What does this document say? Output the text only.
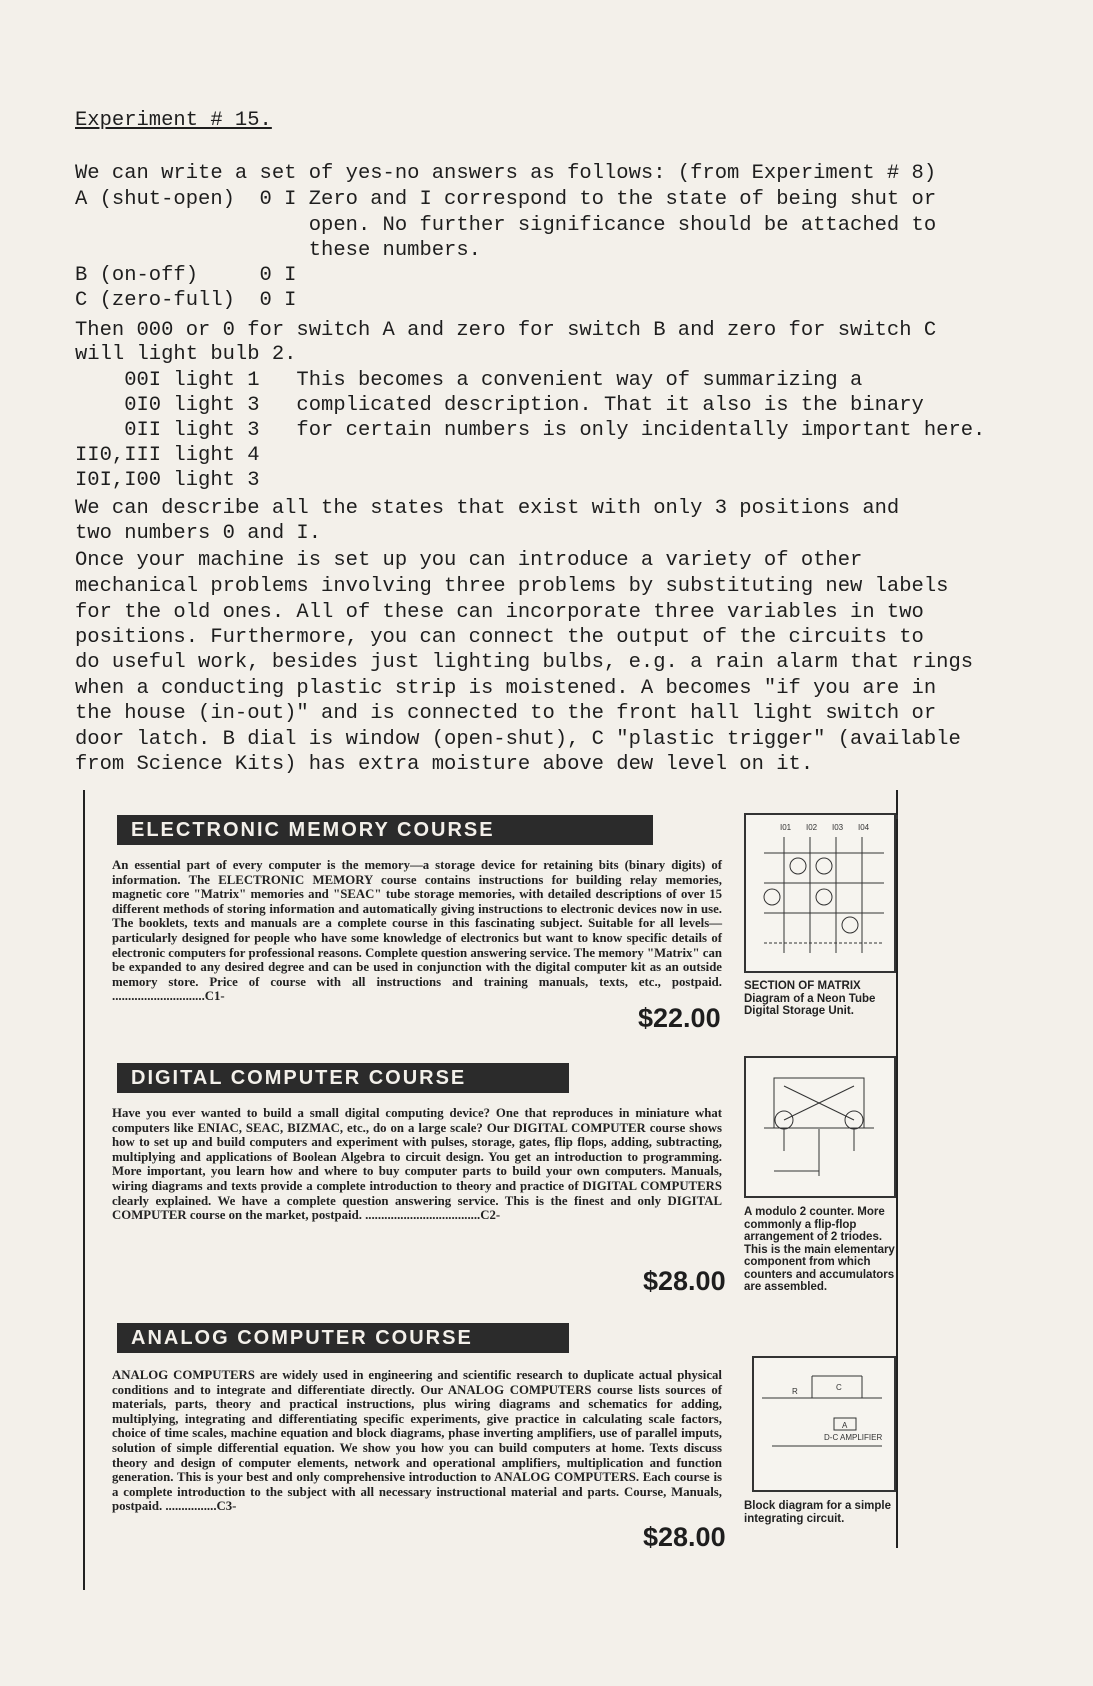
Experiment # 15.
We can write a set of yes-no answers as follows: (from Experiment # 8)
A (shut-open)  0 I Zero and I correspond to the state of being shut or
open. No further significance should be attached to
these numbers.
B (on-off)     0 I
C (zero-full)  0 I
Then 000 or 0 for switch A and zero for switch B and zero for switch C
will light bulb 2.
00I light 1   This becomes a convenient way of summarizing a
0I0 light 3   complicated description. That it also is the binary
0II light 3   for certain numbers is only incidentally important here.
II0,III light 4
I0I,I00 light 3
We can describe all the states that exist with only 3 positions and
two numbers 0 and I.
Once your machine is set up you can introduce a variety of other
mechanical problems involving three problems by substituting new labels
for the old ones. All of these can incorporate three variables in two
positions. Furthermore, you can connect the output of the circuits to
do useful work, besides just lighting bulbs, e.g. a rain alarm that rings
when a conducting plastic strip is moistened. A becomes "if you are in
the house (in-out)" and is connected to the front hall light switch or
door latch. B dial is window (open-shut), C "plastic trigger" (available
from Science Kits) has extra moisture above dew level on it.
ELECTRONIC MEMORY COURSE
An essential part of every computer is the memory—a storage device for retaining bits (binary digits) of information. The ELECTRONIC MEMORY course contains instructions for building relay memories, magnetic core "Matrix" memories and "SEAC" tube storage memories, with detailed descriptions of over 15 different methods of storing information and automatically giving instructions to electronic devices now in use. The booklets, texts and manuals are a complete course in this fascinating subject. Suitable for all levels—particularly designed for people who have some knowledge of electronics but want to know specific details of electronic computers for professional reasons. Complete question answering service. The memory "Matrix" can be expanded to any desired degree and can be used in conjunction with the digital computer kit as an outside memory store. Price of course with all instructions and training manuals, texts, etc., postpaid. .............................C1-
$22.00
I01 I02 I03 I04
SECTION OF MATRIX Diagram of a Neon Tube Digital Storage Unit.
DIGITAL COMPUTER COURSE
Have you ever wanted to build a small digital computing device? One that reproduces in miniature what computers like ENIAC, SEAC, BIZMAC, etc., do on a large scale? Our DIGITAL COMPUTER course shows how to set up and build computers and experiment with pulses, storage, gates, flip flops, adding, subtracting, multiplying and applications of Boolean Algebra to circuit design. You get an introduction to programming. More important, you learn how and where to buy computer parts to build your own computers. Manuals, wiring diagrams and texts provide a complete introduction to theory and practice of DIGITAL COMPUTERS clearly explained. We have a complete question answering service. This is the finest and only DIGITAL COMPUTER course on the market, postpaid. ....................................C2-
$28.00
A modulo 2 counter. More commonly a flip-flop arrangement of 2 triodes. This is the main elementary component from which counters and accumulators are assembled.
ANALOG COMPUTER COURSE
ANALOG COMPUTERS are widely used in engineering and scientific research to duplicate actual physical conditions and to integrate and differentiate directly. Our ANALOG COMPUTERS course lists sources of materials, parts, theory and practical instructions, plus wiring diagrams and schematics for adding, multiplying, integrating and differentiating specific experiments, give practice in calculating scale factors, choice of time scales, machine equation and block diagrams, phase inverting amplifiers, use of parallel imputs, solution of simple differential equation. We show you how you can build computers at home. Texts discuss theory and design of computer elements, network and operational amplifiers, multiplication and function generation. This is your best and only comprehensive introduction to ANALOG COMPUTERS. Each course is a complete introduction to the subject with all necessary instructional material and parts. Course, Manuals, postpaid. ................C3-
$28.00
R	C
A
D-C AMPLIFIER
Block diagram for a simple integrating circuit.
